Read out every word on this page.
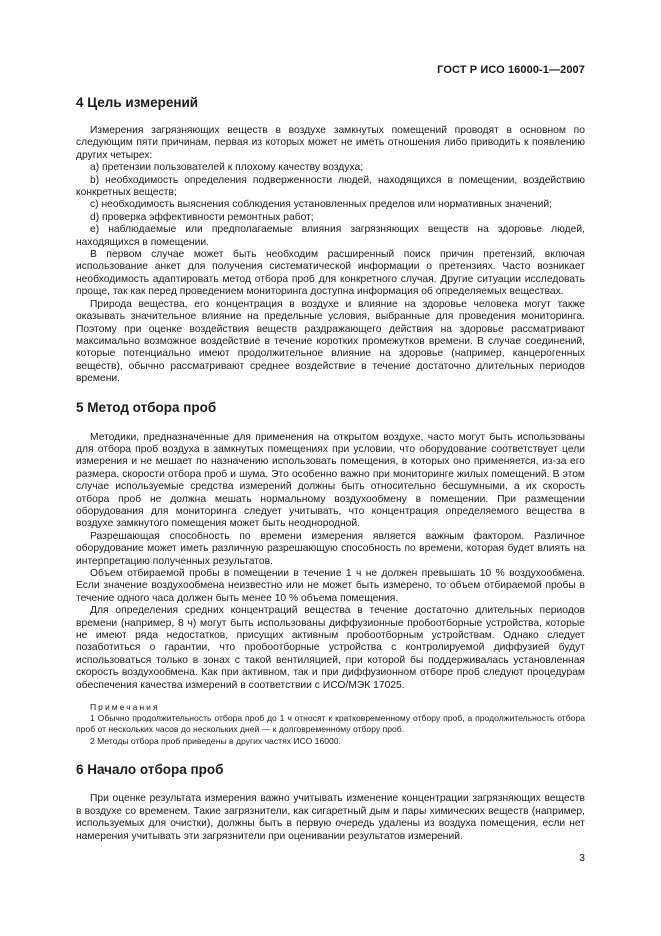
ГОСТ Р ИСО 16000-1—2007
4 Цель измерений

Измерения загрязняющих веществ в воздухе замкнутых помещений проводят в основном по следующим пяти причинам, первая из которых может не иметь отношения либо приводить к появлению других четырех:

а) претензии пользователей к плохому качеству воздуха;

b) необходимость определения подверженности людей, находящихся в помещении, воздействию конкретных веществ;

с) необходимость выяснения соблюдения установленных пределов или нормативных значений;

d) проверка эффективности ремонтных работ;

е) наблюдаемые или предполагаемые влияния загрязняющих веществ на здоровье людей, находящихся в помещении.

В первом случае может быть необходим расширенный поиск причин претензий, включая использование анкет для получения систематической информации о претензиях. Часто возникает необходимость адаптировать метод отбора проб для конкретного случая. Другие ситуации исследовать проще, так как перед проведением мониторинга доступна информация об определяемых веществах.

Природа вещества, его концентрация в воздухе и влияние на здоровье человека могут также оказывать значительное влияние на предельные условия, выбранные для проведения мониторинга. Поэтому при оценке воздействия веществ раздражающего действия на здоровье рассматривают максимально возможное воздействие в течение коротких промежутков времени. В случае соединений, которые потенциально имеют продолжительное влияние на здоровье (например, канцерогенных веществ), обычно рассматривают среднее воздействие в течение достаточно длительных периодов времени.

5 Метод отбора проб

Методики, предназначенные для применения на открытом воздухе, часто могут быть использованы для отбора проб воздуха в замкнутых помещениях при условии, что оборудование соответствует цели измерения и не мешает по назначению использовать помещения, в которых оно применяется, из-за его размера, скорости отбора проб и шума. Это особенно важно при мониторинге жилых помещений. В этом случае используемые средства измерений должны быть относительно бесшумными, а их скорость отбора проб не должна мешать нормальному воздухообмену в помещении. При размещении оборудования для мониторинга следует учитывать, что концентрация определяемого вещества в воздухе замкнутого помещения может быть неоднородной.

Разрешающая способность по времени измерения является важным фактором. Различное оборудование может иметь различную разрешающую способность по времени, которая будет влиять на интерпретацию полученных результатов.

Объем отбираемой пробы в помещении в течение 1 ч не должен превышать 10 % воздухообмена. Если значение воздухообмена неизвестно или не может быть измерено, то объем отбираемой пробы в течение одного часа должен быть менее 10 % объема помещения.

Для определения средних концентраций вещества в течение достаточно длительных периодов времени (например, 8 ч) могут быть использованы диффузионные пробоотборные устройства, которые не имеют ряда недостатков, присущих активным пробоотборным устройствам. Однако следует позаботиться о гарантии, что пробоотборные устройства с контролируемой диффузией будут использоваться только в зонах с такой вентиляцией, при которой бы поддерживалась установленная скорость воздухообмена. Как при активном, так и при диффузионном отборе проб следуют процедурам обеспечения качества измерений в соответствии с ИСО/МЭК 17025.

Примечания
1 Обычно продолжительность отбора проб до 1 ч относят к кратковременному отбору проб, а продолжительность отбора проб от нескольких часов до нескольких дней — к долговременному отбору проб.
2 Методы отбора проб приведены в других частях ИСО 16000.
6 Начало отбора проб

При оценке результата измерения важно учитывать изменение концентрации загрязняющих веществ в воздухе со временем. Такие загрязнители, как сигаретный дым и пары химических веществ (например, используемых для очистки), должны быть в первую очередь удалены из воздуха помещения, если нет намерения учитывать эти загрязнители при оценивании результатов измерений.

3
